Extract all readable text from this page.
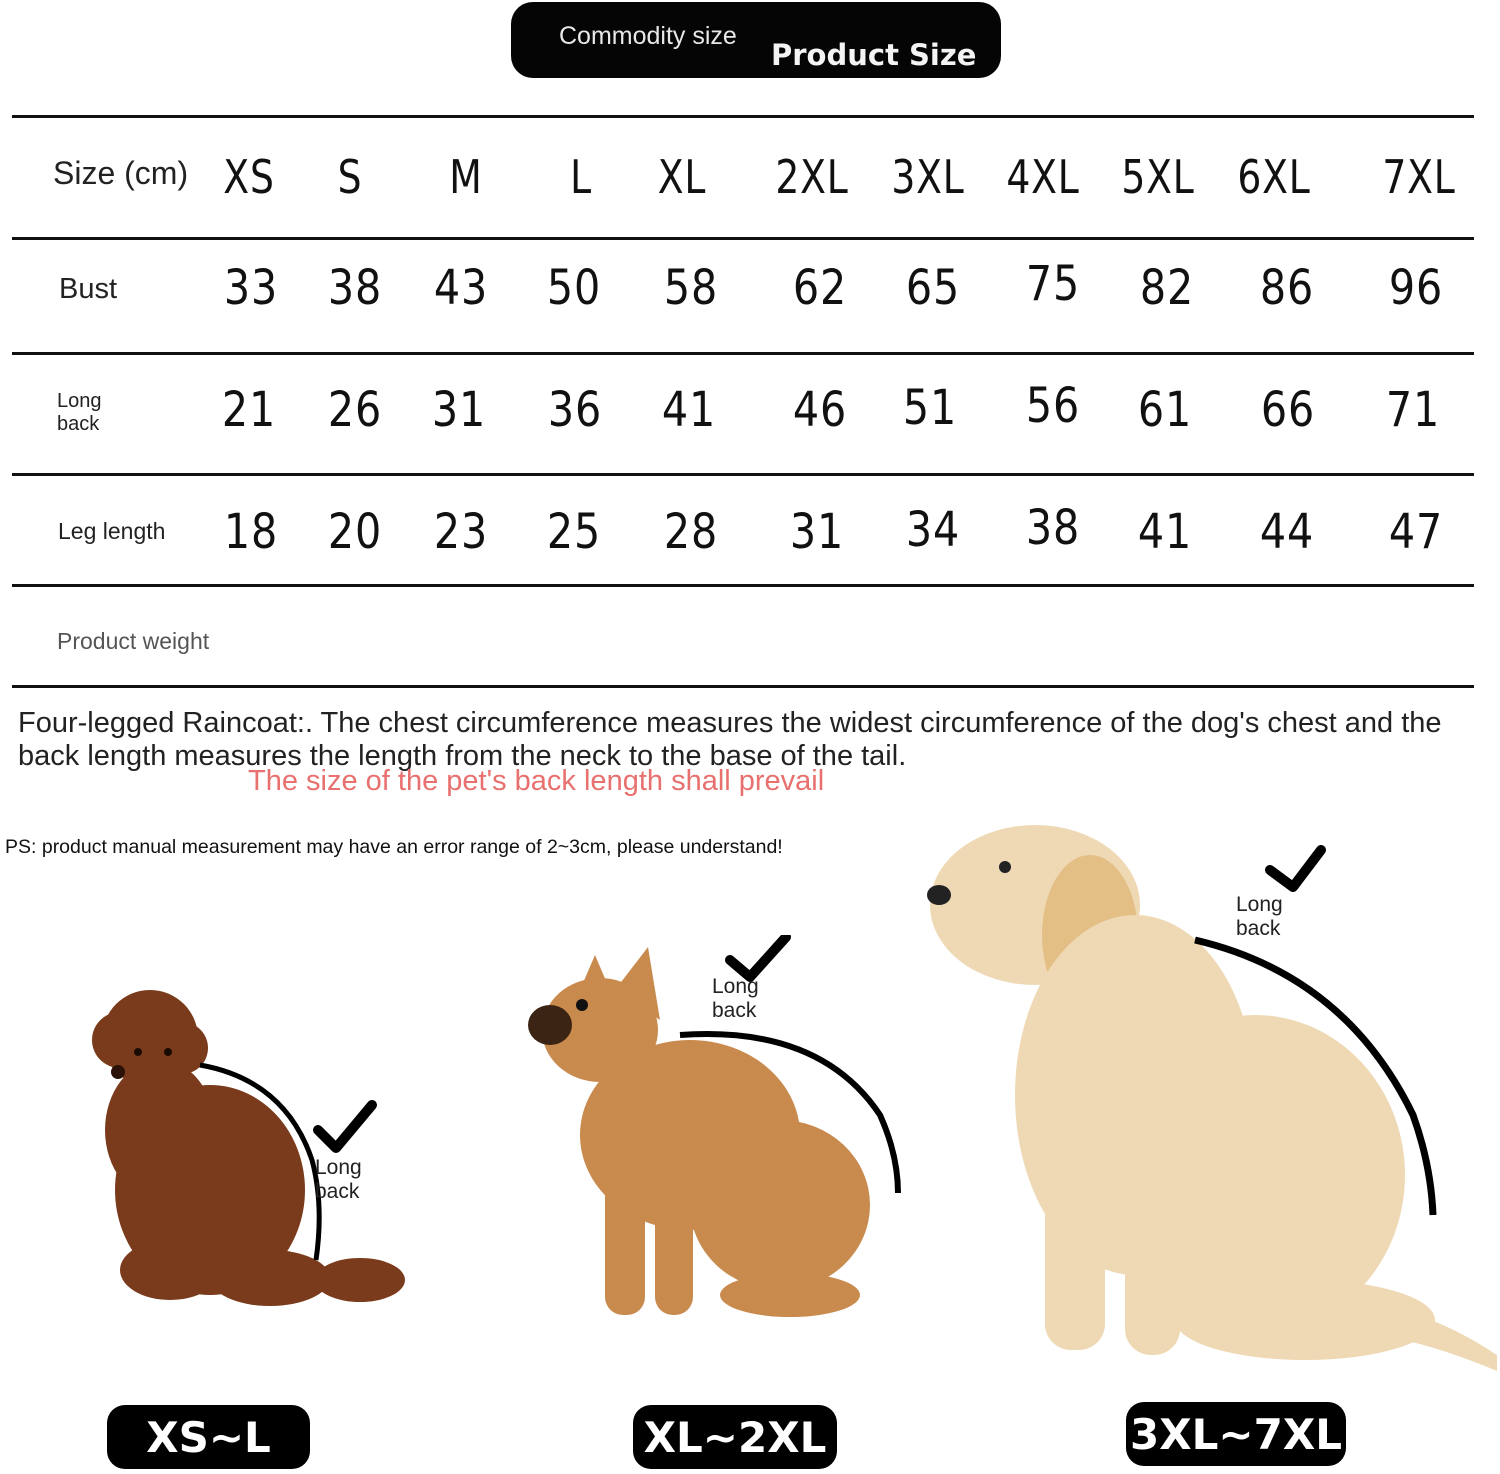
Commodity size
Product Size
Size (cm) XS	S	M	L	XL	2XL 3XL 4XL 5XL 6XL 7XL
Bust	33	38	43	50	58	62	65	75	82	86	96
Long
back	21	26	31	36	41	46	51	56	61	66	71
Leg length	18	20	23	25	28	31	34	38	41	44	47
Product weight
Four-legged Raincoat:. The chest circumference measures the widest circumference of the dog's chest and the back length measures the length from the neck to the base of the tail.
The size of the pet's back length shall prevail
PS: product manual measurement may have an error range of 2~3cm, please understand!
Long
back
Long
back
Long
back
XS~L	XL~2XL	3XL~7XL
